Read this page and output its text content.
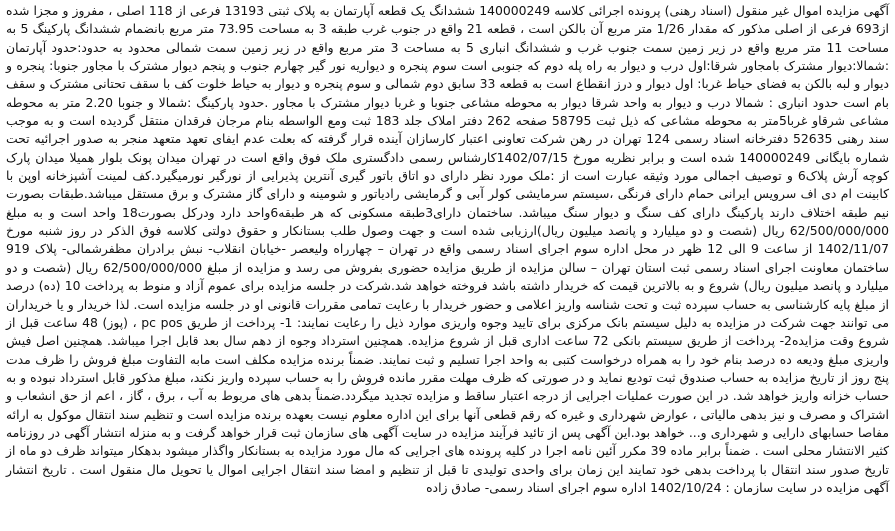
آگهی مزایده اموال غیر منقول (اسناد رهنی) پرونده اجرائی کلاسه 140000249 ششدانگ یک قطعه آپارتمان به پلاک ثبتی 13193 فرعی از 118 اصلی ، مفروز و مجزا شده از693 فرعی از اصلی مذکور که مقدار 1/26 متر مربع آن بالکن است ، قطعه 21 واقع در جنوب غرب طبقه 3 به مساحت 73.95 متر مربع بانضمام ششدانگ پارکینگ 5 به مساحت 11 متر مربع واقع در زیر زمین سمت جنوب غرب و ششدانگ انباری 5 به مساحت 3 متر مربع واقع در زیر زمین سمت شمالی محدود به حدود:حدود آپارتمان :شمالا:دیوار مشترک بامجاور شرقا:اول درب و دیوار به راه پله دوم که جنوبی است سوم پنجره و دیواریه نور گیر چهارم جنوب و پنجم دیوار مشترک با مجاور جنوبا: پنجره و دیوار و لبه بالکن به فضای حیاط غربا: اول دیوار و درز انقطاع است به قطعه 33 سابق دوم شمالی و سوم پنجره و دیوار به حیاط خلوت کف با سقف تحتانی مشترک و سقف بام است حدود انباری : شمالا درب و دیوار به واحد شرقا دیوار به محوطه مشاعی جنوبا و غربا دیوار مشترک با مجاور .حدود پارکینگ :شمالا و جنوبا 2.20 متر به محوطه مشاعی شرقاو غربا5متر به محوطه مشاعی که ذیل ثبت 58795 صفحه 262 دفتر املاک جلد 183 ثبت ومع الواسطه بنام مرجان فرقدان منتقل گردیده است و به موجب سند رهنی 52635 دفترخانه اسناد رسمی 124 تهران در رهن شرکت تعاونی اعتبار کارسازان آینده قرار گرفته که بعلت عدم ایفای تعهد متعهد منجر به صدور اجرائیه تحت شماره بایگانی 140000249 شده است و برابر نظریه مورخ 1402/07/15کارشناس رسمی دادگستری ملک فوق واقع است در تهران میدان پونک بلوار همیلا میدان پارک کوچه آرش پلاک6 و توصیف اجمالی مورد وثیقه عبارت است از :ملک مورد نظر دارای دو اتاق باتور گیری آنترین پذیرایی از نورگیر نورمیگیرد.کف لمینت آشپزخانه اوپن با کابینت ام دی اف سرویس ایرانی حمام دارای فرنگی ،سیستم سرمایشی کولر آبی و گرمایشی رادیاتور و شومینه و دارای گاز مشترک و برق مستقل میباشد.طبقات بصورت نیم طبقه اختلاف دارند پارکینگ دارای کف سنگ و دیوار سنگ میباشد. ساختمان دارای3طبقه مسکونی که هر طبقه6واحد دارد ودرکل بصورت18 واحد است و به مبلغ 62/500/000/000 ریال (شصت و دو میلیارد و پانصد میلیون ریال)ارزیابی شده است و جهت وصول طلب بستانکار و حقوق دولتی کلاسه فوق الذکر در روز شنبه مورخ 1402/11/07 از ساعت 9 الی 12 ظهر در محل اداره سوم اجرای اسناد رسمی واقع در تهران – چهارراه ولیعصر -خیابان انقلاب- نبش برادران مظفرشمالی- پلاک 919 ساختمان معاونت اجرای اسناد رسمی ثبت استان تهران – سالن مزایده از طریق مزایده حضوری بفروش می رسد و مزایده از مبلغ 62/500/000/000 ریال (شصت و دو میلیارد و پانصد میلیون ریال) شروع و به بالاترین قیمت که خریدار داشته باشد فروخته خواهد شد.شرکت در جلسه مزایده برای عموم آزاد و منوط به پرداخت 10 (ده) درصد از مبلغ پایه کارشناسی به حساب سپرده ثبت و تحت شناسه واریز اعلامی و حضور خریدار با رعایت تمامی مقررات قانونی او در جلسه مزایده است. لذا خریدار و یا خریداران می توانند جهت شرکت در مزایده به دلیل سیستم بانک مرکزی برای تایید وجوه واریزی موارد ذیل را رعایت نمایند: 1- پرداخت از طریق pc pos ، (پوز) 48 ساعت قبل از شروع وقت مزایده2- پرداخت از طریق سیستم بانکی 72 ساعت اداری قبل از شروع مزایده. همچنین استرداد وجوه از دهم سال بعد قابل اجرا میباشد. همچنین اصل فیش واریزی مبلغ ودیعه ده درصد بنام خود را به همراه درخواست کتبی به واحد اجرا تسلیم و ثبت نمایند. ضمناً برنده مزایده مکلف است مابه التفاوت مبلغ فروش را ظرف مدت پنج روز از تاریخ مزایده به حساب صندوق ثبت تودیع نماید و در صورتی که ظرف مهلت مقرر مانده فروش را به حساب سپرده واریز نکند، مبلغ مذکور قابل استرداد نبوده و به حساب خزانه واریز خواهد شد. در این صورت عملیات اجرایی از درجه اعتبار ساقط و مزایده تجدید میگردد.ضمناً بدهی های مربوط به آب ، برق ، گاز ، اعم از حق انشعاب و اشتراک و مصرف و نیز بدهی مالیاتی ، عوارض شهرداری و غیره که رقم قطعی آنها برای این اداره معلوم نیست بعهده برنده مزایده است و تنظیم سند انتقال موکول به ارائه مفاصا حسابهای دارایی و شهرداری و... خواهد بود.این آگهی پس از تائید فرآیند مزایده در سایت آگهی های سازمان ثبت قرار خواهد گرفت و به منزله انتشار آگهی در روزنامه کثیر الانتشار محلی است . ضمناً برابر ماده 39 مکرر آئین نامه اجرا در کلیه پرونده های اجرایی که مال مورد مزایده به بستانکار واگذار میشود بدهکار میتواند ظرف دو ماه از تاریخ صدور سند انتقال با پرداخت بدهی خود تمایند این زمان برای واحدی تولیدی تا قبل از تنظیم و امضا سند انتقال اجرایی اموال یا تحویل مال منقول است . تاریخ انتشار آگهی مزایده در سایت سازمان : 1402/10/24 اداره سوم اجرای اسناد رسمی- صادق زاده
